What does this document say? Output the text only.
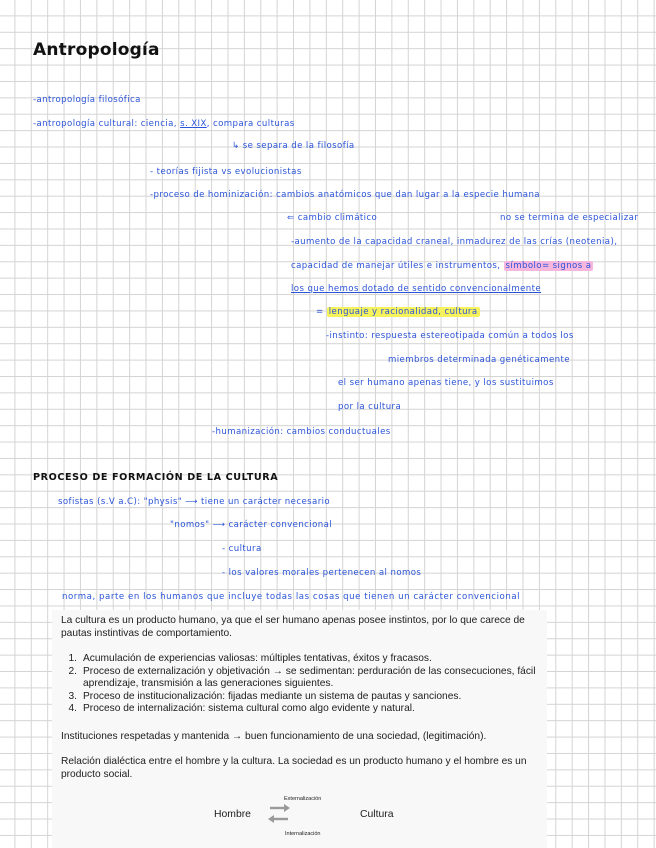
Antropología
-antropología filosófica
-antropología cultural: ciencia, s. XIX, compara culturas
↳ se separa de la filosofía
- teorías fijista vs evolucionistas
-proceso de hominización: cambios anatómicos que dan lugar a la especie humana
⇐ cambio climático	no se termina de especializar
-aumento de la capacidad craneal, inmadurez de las crías (neotenia),
capacidad de manejar útiles e instrumentos, símbolo= signos a
los que hemos dotado de sentido convencionalmente
= lenguaje y racionalidad, cultura
-instinto: respuesta estereotipada común a todos los
miembros determinada genéticamente
el ser humano apenas tiene, y los sustituimos
por la cultura
-humanización: cambios conductuales
PROCESO DE FORMACIÓN DE LA CULTURA
sofistas (s.V a.C): "physis" ⟶ tiene un carácter necesario
"nomos" ⟶ carácter convencional
- cultura
- los valores morales pertenecen al nomos
norma, parte en los humanos que incluye todas las cosas que tienen un carácter convencional

La cultura es un producto humano, ya que el ser humano apenas posee instintos, por lo que carece de pautas instintivas de comportamiento.

1. Acumulación de experiencias valiosas: múltiples tentativas, éxitos y fracasos.
2. Proceso de externalización y objetivación → se sedimentan: perduración de las consecuciones, fácil aprendizaje, transmisión a las generaciones siguientes.
3. Proceso de institucionalización: fijadas mediante un sistema de pautas y sanciones.
4. Proceso de internalización: sistema cultural como algo evidente y natural.

Instituciones respetadas y mantenida → buen funcionamiento de una sociedad, (legitimación).

Relación dialéctica entre el hombre y la cultura. La sociedad es un producto humano y el hombre es un producto social.

Hombre	Cultura
Externalización
Internalización
